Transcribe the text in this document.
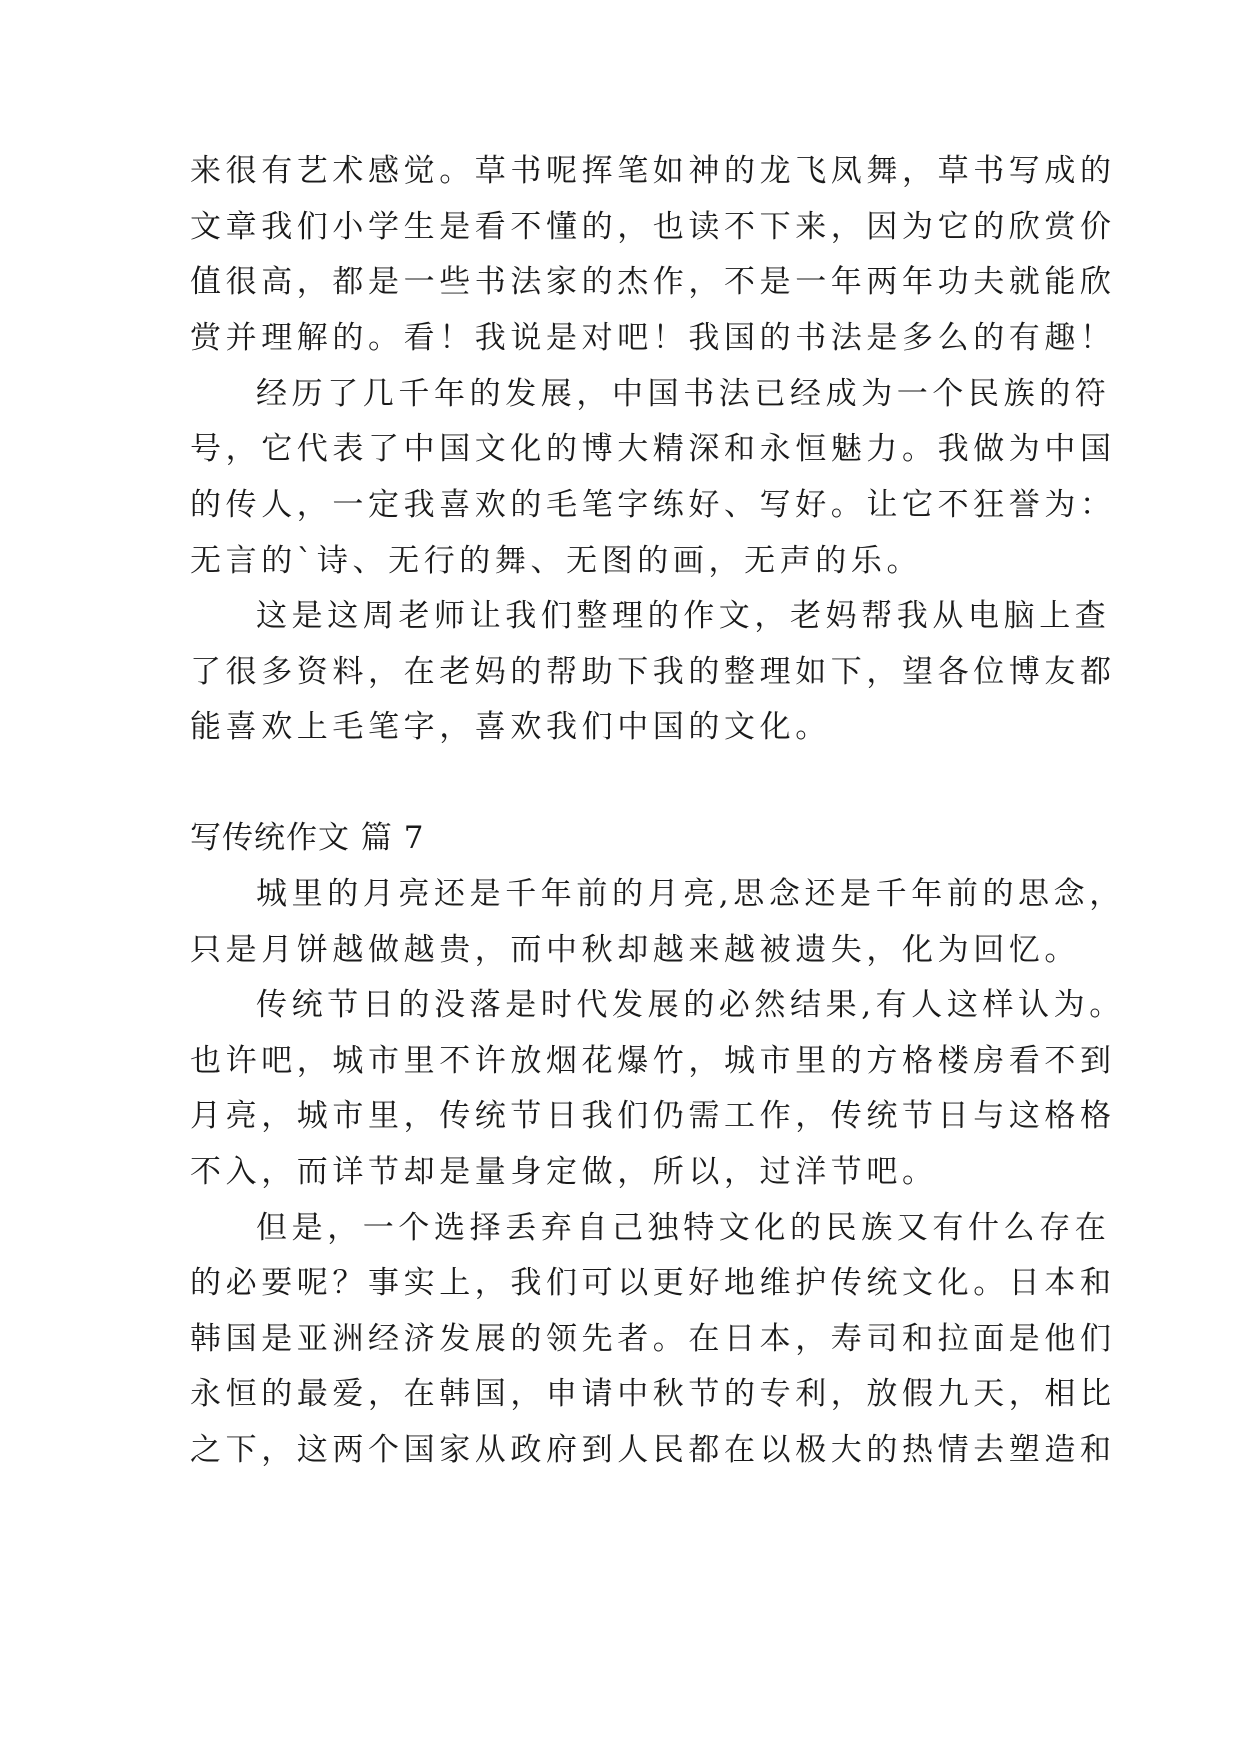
来很有艺术感觉。草书呢挥笔如神的龙飞凤舞，草书写成的
文章我们小学生是看不懂的，也读不下来，因为它的欣赏价
值很高，都是一些书法家的杰作，不是一年两年功夫就能欣
赏并理解的。看！我说是对吧！我国的书法是多么的有趣！
经历了几千年的发展，中国书法已经成为一个民族的符
号，它代表了中国文化的博大精深和永恒魅力。我做为中国
的传人，一定我喜欢的毛笔字练好、写好。让它不狂誉为：
无言的`诗、无行的舞、无图的画，无声的乐。
这是这周老师让我们整理的作文，老妈帮我从电脑上查
了很多资料，在老妈的帮助下我的整理如下，望各位博友都
能喜欢上毛笔字，喜欢我们中国的文化。
写传统作文 篇 7
城里的月亮还是千年前的月亮,思念还是千年前的思念，
只是月饼越做越贵，而中秋却越来越被遗失，化为回忆。
传统节日的没落是时代发展的必然结果,有人这样认为。
也许吧，城市里不许放烟花爆竹，城市里的方格楼房看不到
月亮，城市里，传统节日我们仍需工作，传统节日与这格格
不入，而详节却是量身定做，所以，过洋节吧。
但是，一个选择丢弃自己独特文化的民族又有什么存在
的必要呢？事实上，我们可以更好地维护传统文化。日本和
韩国是亚洲经济发展的领先者。在日本，寿司和拉面是他们
永恒的最爱，在韩国，申请中秋节的专利，放假九天，相比
之下，这两个国家从政府到人民都在以极大的热情去塑造和
